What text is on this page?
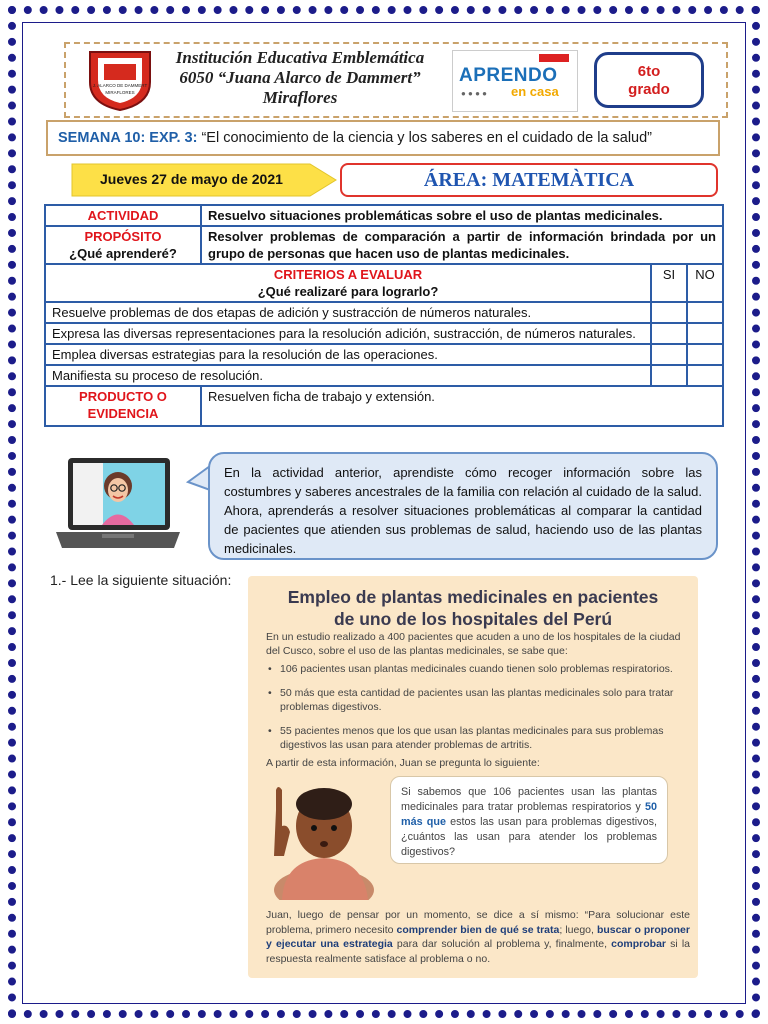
J. ALARCO DE DAMMERT
MIRAFLORES
Institución Educativa Emblemática
6050 “Juana Alarco de Dammert”
Miraflores
APRENDO
● ● ● ● en casa
6to
grado
SEMANA 10: EXP. 3: “El conocimiento de la ciencia y los saberes en el cuidado de la salud”
Jueves 27 de mayo de 2021	ÁREA: MATEMÀTICA
ACTIVIDAD	Resuelvo situaciones problemáticas sobre el uso de plantas medicinales.		

PROPÓSITO
¿Qué aprenderé?	Resolver problemas de comparación a partir de información brindada por un grupo de personas que hacen uso de plantas medicinales.		

CRITERIOS A EVALUAR
¿Qué realizaré para lograrlo?		SI	NO
Resuelve problemas de dos etapas de adición y sustracción de números naturales.			
Expresa las diversas representaciones para la resolución adición, sustracción, de números naturales.			
Emplea diversas estrategias para la resolución de las operaciones.			
Manifiesta su proceso de resolución.			
PRODUCTO O EVIDENCIA	Resuelven ficha de trabajo y extensión.		
En la actividad anterior, aprendiste cómo recoger información sobre las costumbres y saberes ancestrales de la familia con relación al cuidado de la salud. Ahora, aprenderás a resolver situaciones problemáticas al comparar la cantidad de pacientes que atienden sus problemas de salud, haciendo uso de las plantas medicinales.
1.- Lee la siguiente situación:
Empleo de plantas medicinales en pacientes
de uno de los hospitales del Perú
En un estudio realizado a 400 pacientes que acuden a uno de los hospitales de la ciudad del Cusco, sobre el uso de las plantas medicinales, se sabe que:
• 106 pacientes usan plantas medicinales cuando tienen solo problemas respiratorios.
• 50 más que esta cantidad de pacientes usan las plantas medicinales solo para tratar problemas digestivos.
• 55 pacientes menos que los que usan las plantas medicinales para sus problemas digestivos las usan para atender problemas de artritis.
A partir de esta información, Juan se pregunta lo siguiente:
Si sabemos que 106 pacientes usan las plantas medicinales para tratar problemas respiratorios y 50 más que estos las usan para problemas digestivos, ¿cuántos las usan para atender los problemas digestivos?
Juan, luego de pensar por un momento, se dice a sí mismo: “Para solucionar este problema, primero necesito comprender bien de qué se trata; luego, buscar o proponer y ejecutar una estrategia para dar solución al problema y, finalmente, comprobar si la respuesta realmente satisface al problema o no.
